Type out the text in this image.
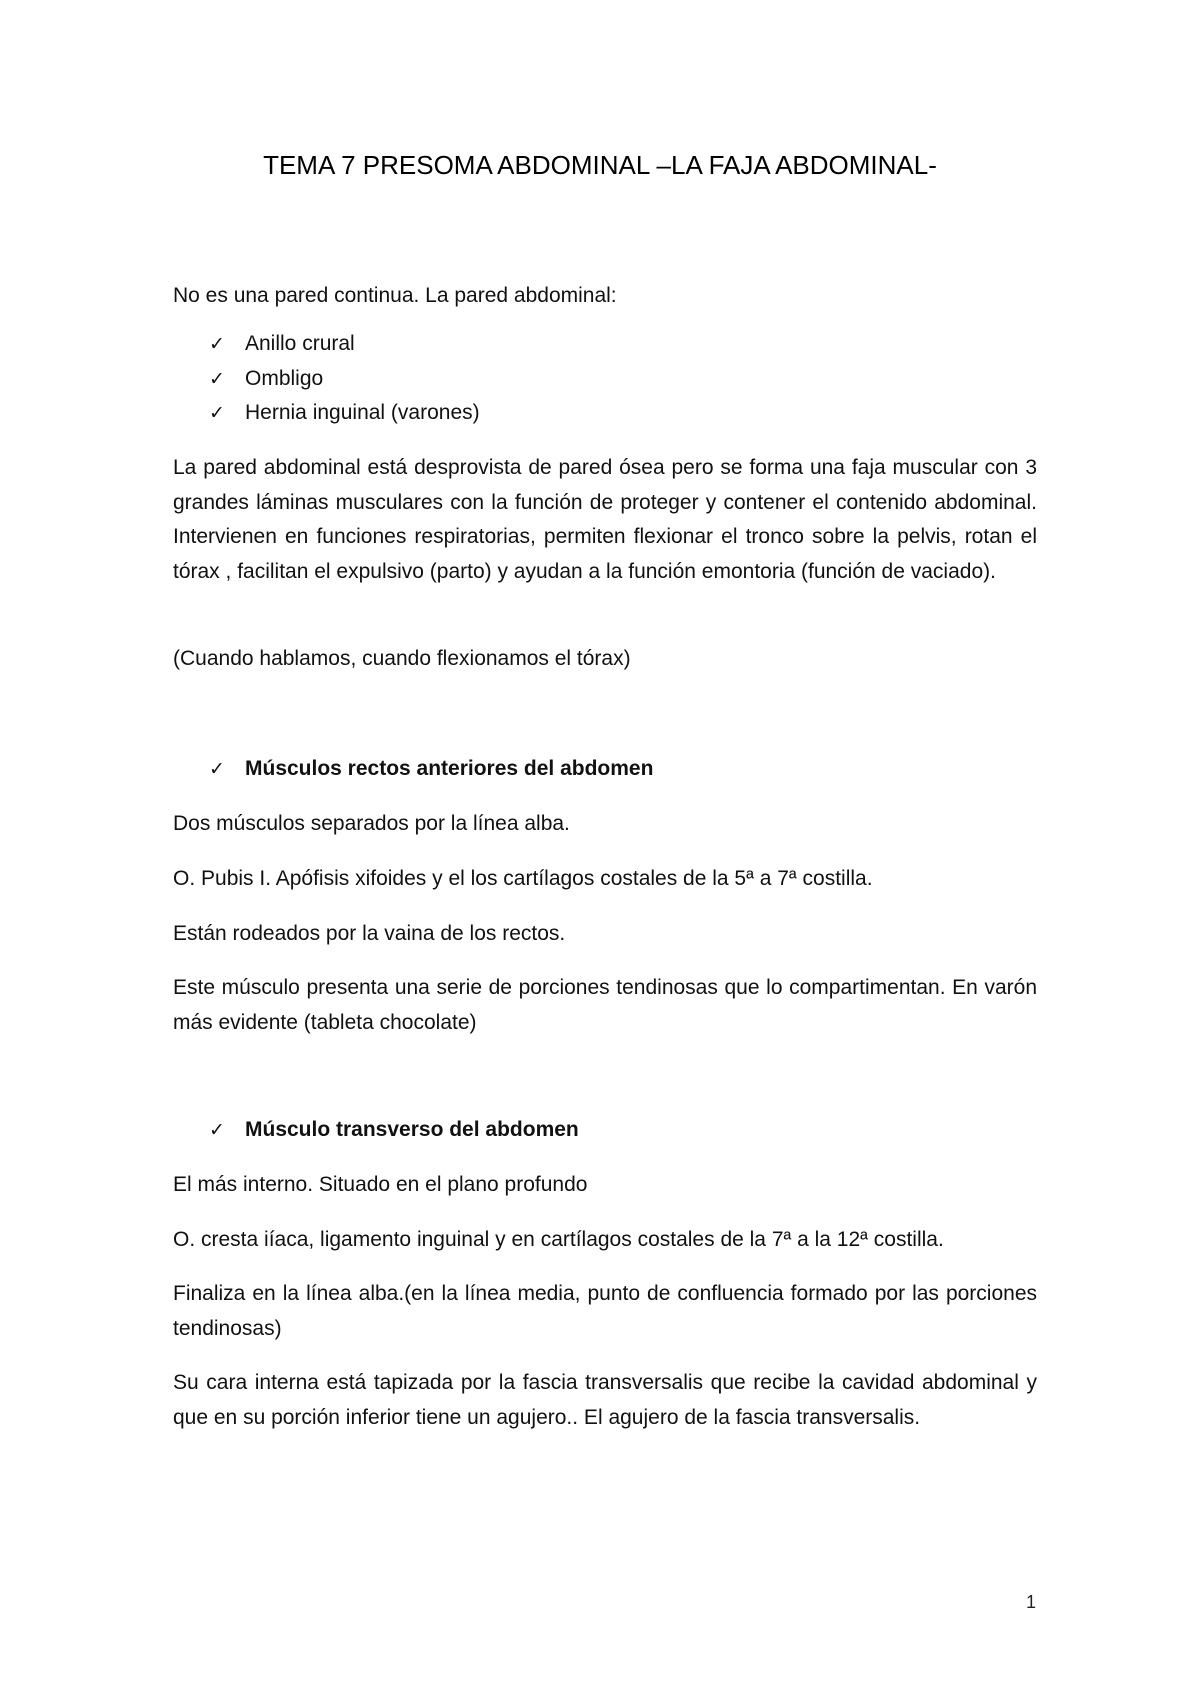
TEMA 7 PRESOMA ABDOMINAL –LA FAJA ABDOMINAL-

No es una pared continua. La pared abdominal:

✓ Anillo crural
✓ Ombligo
✓ Hernia inguinal (varones)

La pared abdominal está desprovista de pared ósea pero se forma una faja muscular con 3 grandes láminas musculares con la función de proteger y contener el contenido abdominal. Intervienen en funciones respiratorias, permiten flexionar el tronco sobre la pelvis, rotan el tórax , facilitan el expulsivo (parto) y ayudan a la función emontoria (función de vaciado).

(Cuando hablamos, cuando flexionamos el tórax)

✓ Músculos rectos anteriores del abdomen

Dos músculos separados por la línea alba.

O. Pubis I. Apófisis xifoides y el los cartílagos costales de la 5ª a 7ª costilla.

Están rodeados por la vaina de los rectos.

Este músculo presenta una serie de porciones tendinosas que lo compartimentan. En varón más evidente (tableta chocolate)

✓ Músculo transverso del abdomen

El más interno. Situado en el plano profundo

O. cresta iíaca, ligamento inguinal y en cartílagos costales de la 7ª a la 12ª costilla.

Finaliza en la línea alba.(en la línea media, punto de confluencia formado por las porciones tendinosas)

Su cara interna está tapizada por la fascia transversalis que recibe la cavidad abdominal y que en su porción inferior tiene un agujero.. El agujero de la fascia transversalis.

1
